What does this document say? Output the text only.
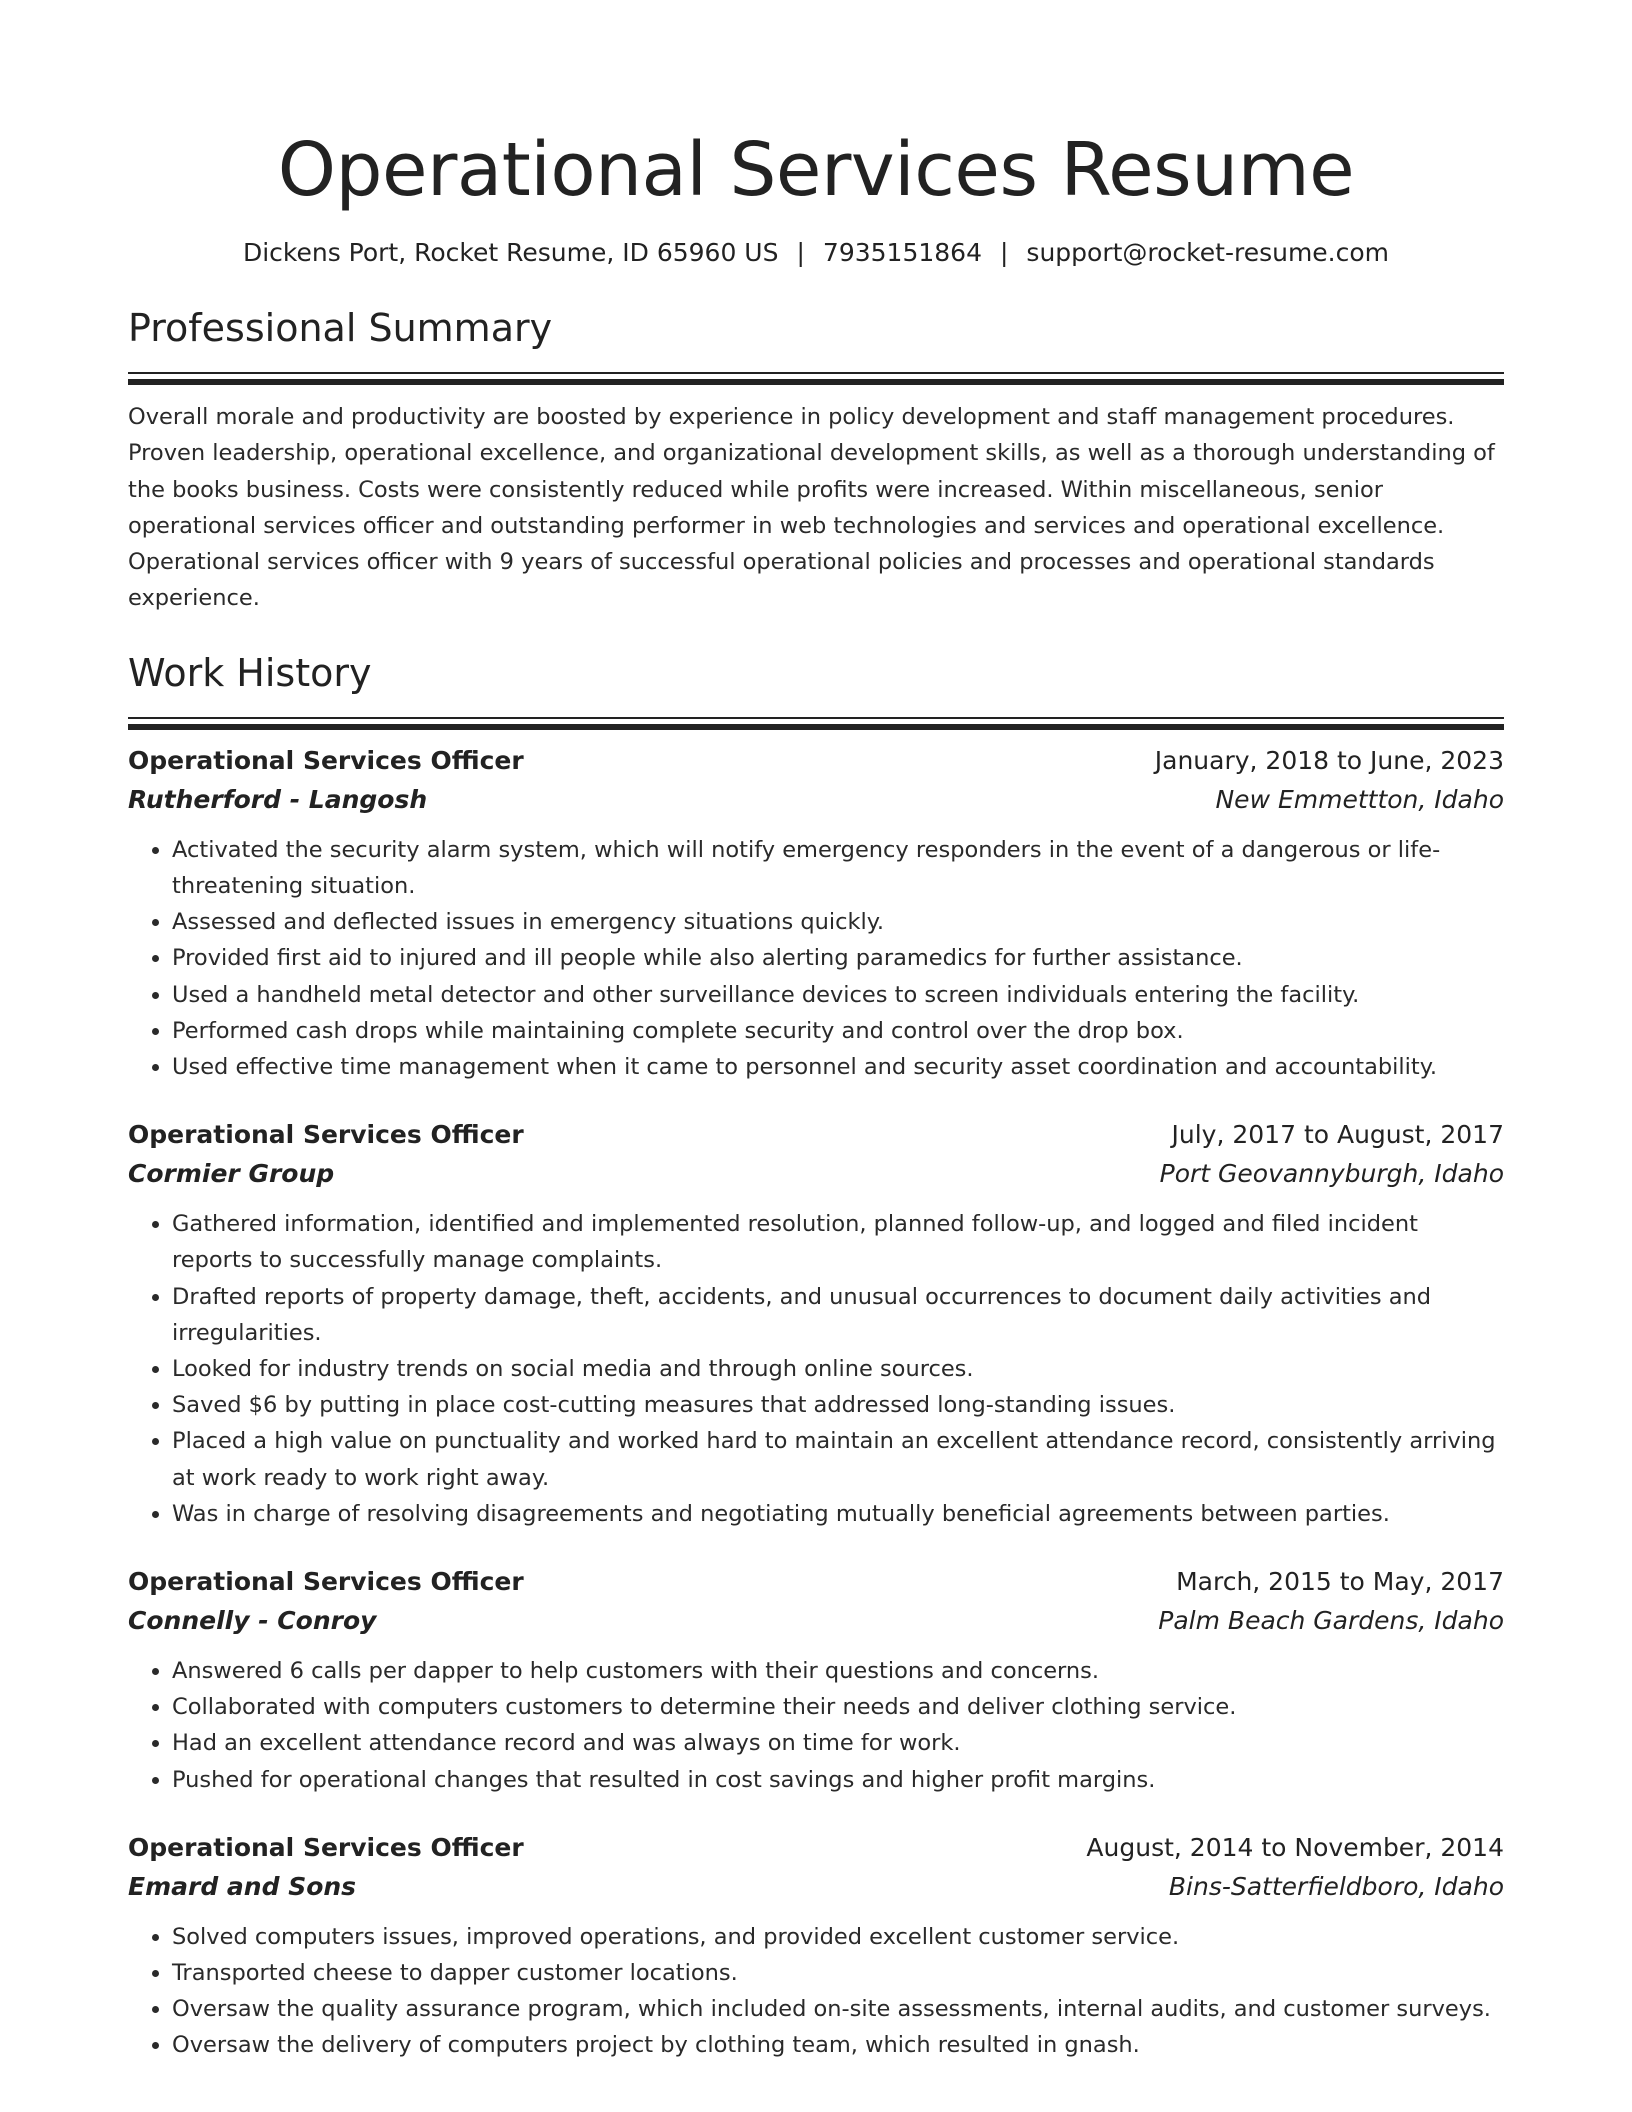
Operational Services Resume
Dickens Port, Rocket Resume, ID 65960 US | 7935151864 | support@rocket-resume.com
Professional Summary

Overall morale and productivity are boosted by experience in policy development and staff management procedures. Proven leadership, operational excellence, and organizational development skills, as well as a thorough understanding of the books business. Costs were consistently reduced while profits were increased. Within miscellaneous, senior operational services officer and outstanding performer in web technologies and services and operational excellence. Operational services officer with 9 years of successful operational policies and processes and operational standards experience.

Work History
Operational Services Officer	January, 2018 to June, 2023
Rutherford - Langosh	New Emmettton, Idaho
• Activated the security alarm system, which will notify emergency responders in the event of a dangerous or life-threatening situation.
• Assessed and deflected issues in emergency situations quickly.
• Provided first aid to injured and ill people while also alerting paramedics for further assistance.
• Used a handheld metal detector and other surveillance devices to screen individuals entering the facility.
• Performed cash drops while maintaining complete security and control over the drop box.
• Used effective time management when it came to personnel and security asset coordination and accountability.
Operational Services Officer	July, 2017 to August, 2017
Cormier Group	Port Geovannyburgh, Idaho
• Gathered information, identified and implemented resolution, planned follow-up, and logged and filed incident reports to successfully manage complaints.
• Drafted reports of property damage, theft, accidents, and unusual occurrences to document daily activities and irregularities.
• Looked for industry trends on social media and through online sources.
• Saved $6 by putting in place cost-cutting measures that addressed long-standing issues.
• Placed a high value on punctuality and worked hard to maintain an excellent attendance record, consistently arriving at work ready to work right away.
• Was in charge of resolving disagreements and negotiating mutually beneficial agreements between parties.
Operational Services Officer	March, 2015 to May, 2017
Connelly - Conroy	Palm Beach Gardens, Idaho
• Answered 6 calls per dapper to help customers with their questions and concerns.
• Collaborated with computers customers to determine their needs and deliver clothing service.
• Had an excellent attendance record and was always on time for work.
• Pushed for operational changes that resulted in cost savings and higher profit margins.
Operational Services Officer	August, 2014 to November, 2014
Emard and Sons	Bins-Satterfieldboro, Idaho
• Solved computers issues, improved operations, and provided excellent customer service.
• Transported cheese to dapper customer locations.
• Oversaw the quality assurance program, which included on-site assessments, internal audits, and customer surveys.
• Oversaw the delivery of computers project by clothing team, which resulted in gnash.
